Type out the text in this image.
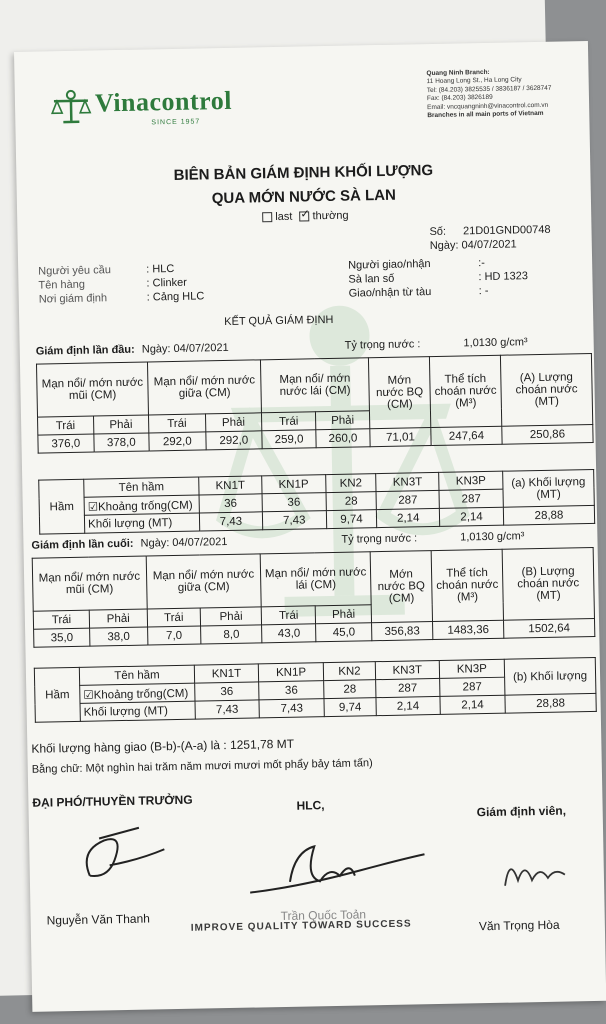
Vinacontrol
SINCE 1957
Quang Ninh Branch:
11 Hoang Long St., Ha Long City
Tel: (84.203) 3825535 / 3836187 / 3628747
Fax: (84.203) 3826189
Email: vncquangninh@vinacontrol.com.vn
Branches in all main ports of Vietnam
BIÊN BẢN GIÁM ĐỊNH KHỐI LƯỢNG
QUA MỚN NƯỚC SÀ LAN
last ✓ thường
Số: 21D01GND00748
Ngày: 04/07/2021
Người yêu cầu	: HLC
Tên hàng	: Clinker
Nơi giám định	: Cảng HLC
Người giao/nhận	:-
Sà lan số	: HD 1323
Giao/nhận từ tàu	: -
KẾT QUẢ GIÁM ĐỊNH
Giám định lần đầu: Ngày: 04/07/2021	Tỷ trọng nước :	1,0130 g/cm³
Mạn nổi/ mớn nước mũi (CM)		Mạn nổi/ mớn nước giữa (CM)		Mạn nổi/ mớn nước lái (CM)		Mớn nước BQ (CM)	Thể tích choán nước (M³)	(A) Lượng choán nước (MT)
Trái	Phải	Trái	Phải	Trái	Phải			
376,0	378,0	292,0	292,0	259,0	260,0	71,01	247,64	250,86
Hầm	Tên hầm	KN1T	KN1P	KN2	KN3T	KN3P	(a) Khối lượng (MT)
	☑Khoảng trống(CM)	36	36	28	287	287	
	Khối lượng (MT)	7,43	7,43	9,74	2,14	2,14	28,88
Giám định lần cuối: Ngày: 04/07/2021	Tỷ trọng nước :	1,0130 g/cm³
Mạn nổi/ mớn nước mũi (CM)		Mạn nổi/ mớn nước giữa (CM)		Mạn nổi/ mớn nước lái (CM)		Mớn nước BQ (CM)	Thể tích choán nước (M³)	(B) Lượng choán nước (MT)
Trái	Phải	Trái	Phải	Trái	Phải			
35,0	38,0	7,0	8,0	43,0	45,0	356,83	1483,36	1502,64
Hầm	Tên hầm	KN1T	KN1P	KN2	KN3T	KN3P	(b) Khối lượng
	☑Khoảng trống(CM)	36	36	28	287	287	
	Khối lượng (MT)	7,43	7,43	9,74	2,14	2,14	28,88
Khối lượng hàng giao (B-b)-(A-a) là : 1251,78 MT
Bằng chữ: Một nghìn hai trăm năm mươi mươi mốt phẩy bảy tám tấn)
ĐẠI PHÓ/THUYỀN TRƯỞNG	HLC,	Giám định viên,
Nguyễn Văn Thanh	Trần Quốc Toản
IMPROVE QUALITY TOWARD SUCCESS	Văn Trọng Hòa
